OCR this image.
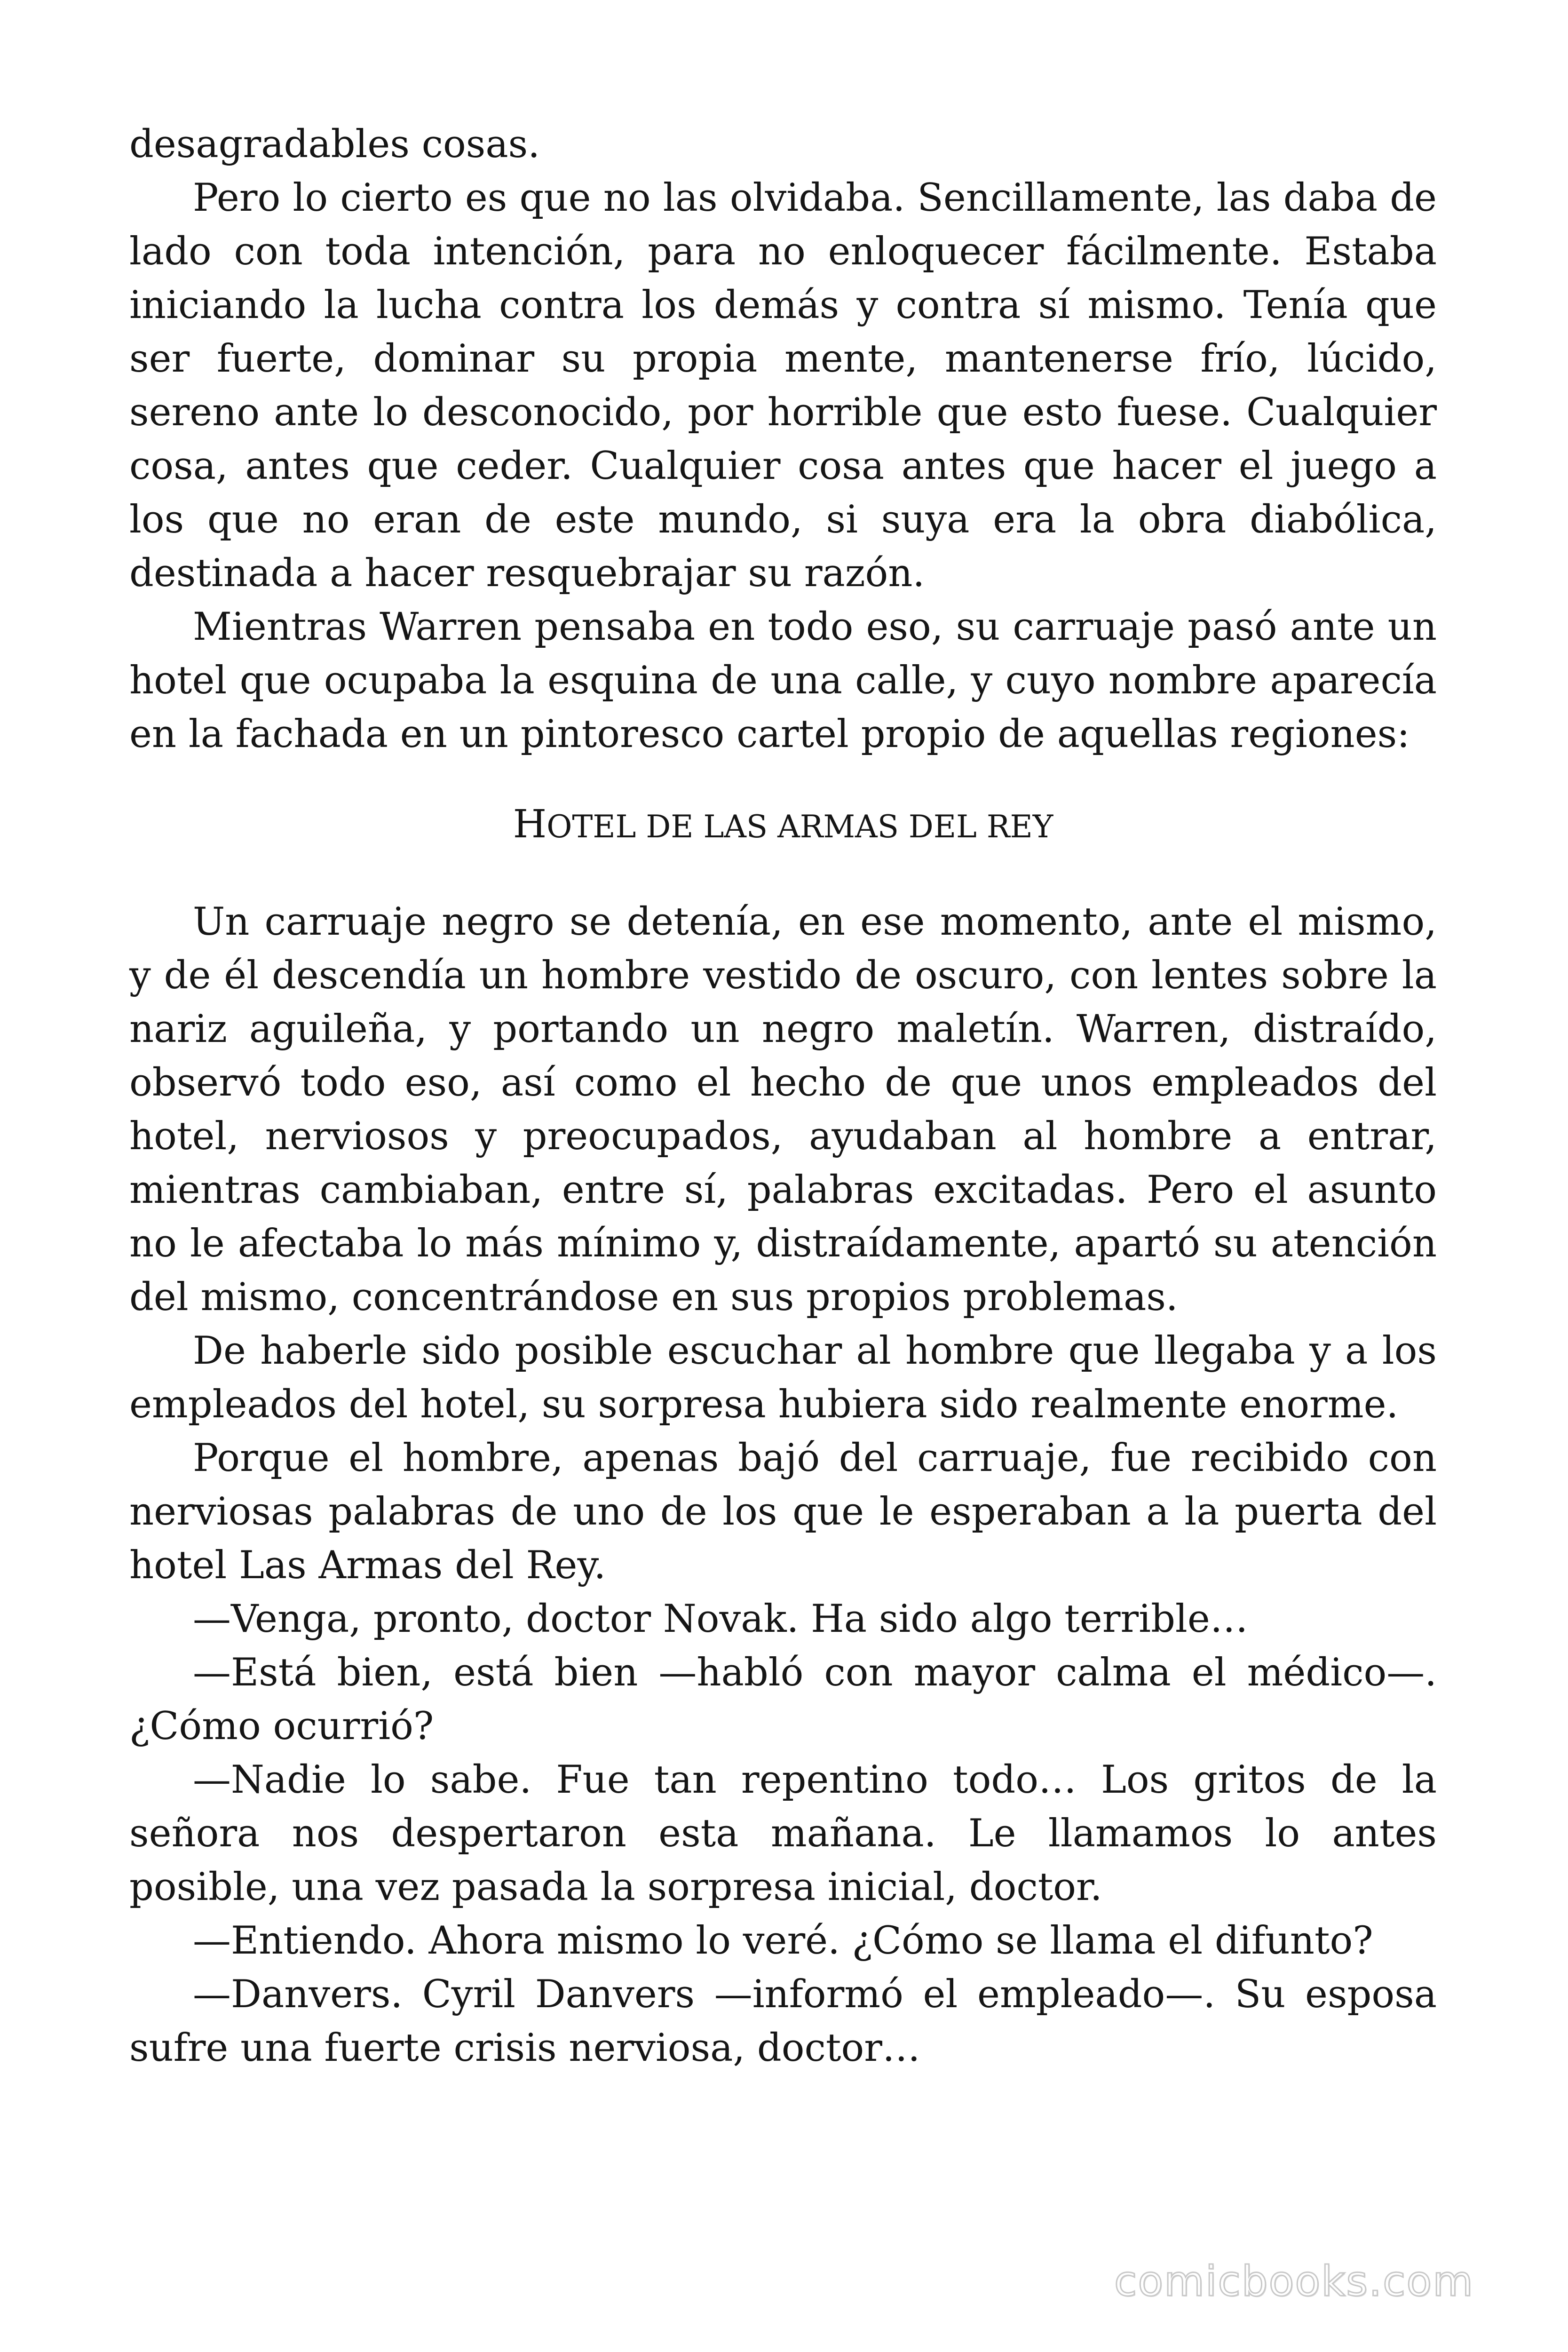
desagradables cosas.

Pero lo cierto es que no las olvidaba. Sencillamente, las daba de lado con toda intención, para no enloquecer fácilmente. Estaba iniciando la lucha contra los demás y contra sí mismo. Tenía que ser fuerte, dominar su propia mente, mantenerse frío, lúcido, sereno ante lo desconocido, por horrible que esto fuese. Cualquier cosa, antes que ceder. Cualquier cosa antes que hacer el juego a los que no eran de este mundo, si suya era la obra diabólica, destinada a hacer resquebrajar su razón.

Mientras Warren pensaba en todo eso, su carruaje pasó ante un hotel que ocupaba la esquina de una calle, y cuyo nombre aparecía en la fachada en un pintoresco cartel propio de aquellas regiones:

HOTEL DE LAS ARMAS DEL REY

Un carruaje negro se detenía, en ese momento, ante el mismo, y de él descendía un hombre vestido de oscuro, con lentes sobre la nariz aguileña, y portando un negro maletín. Warren, distraído, observó todo eso, así como el hecho de que unos empleados del hotel, nerviosos y preocupados, ayudaban al hombre a entrar, mientras cambiaban, entre sí, palabras excitadas. Pero el asunto no le afectaba lo más mínimo y, distraídamente, apartó su atención del mismo, concentrándose en sus propios problemas.

De haberle sido posible escuchar al hombre que llegaba y a los empleados del hotel, su sorpresa hubiera sido realmente enorme.

Porque el hombre, apenas bajó del carruaje, fue recibido con nerviosas palabras de uno de los que le esperaban a la puerta del hotel Las Armas del Rey.

—Venga, pronto, doctor Novak. Ha sido algo terrible…

—Está bien, está bien —habló con mayor calma el médico—. ¿Cómo ocurrió?

—Nadie lo sabe. Fue tan repentino todo… Los gritos de la señora nos despertaron esta mañana. Le llamamos lo antes posible, una vez pasada la sorpresa inicial, doctor.

—Entiendo. Ahora mismo lo veré. ¿Cómo se llama el difunto?

—Danvers. Cyril Danvers —informó el empleado—. Su esposa sufre una fuerte crisis nerviosa, doctor…

comicbooks.com
